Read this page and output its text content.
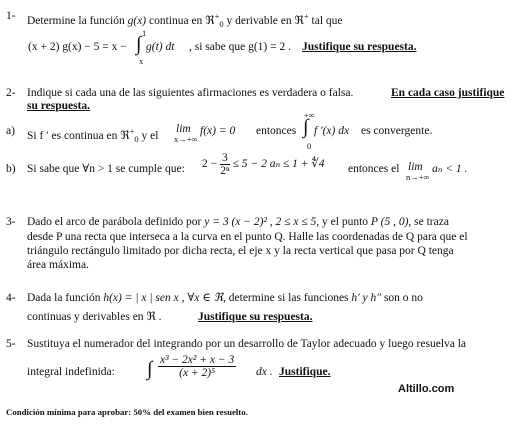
1- Determine la función g(x) continua en ℜ+$_0$ y derivable en ℜ+ tal que
(x + 2) g(x) − 5 = x −
1
∫
x
g(t) dt , si sabe que g(1) = 2 . Justifique su respuesta.
2- Indique si cada una de las siguientes afirmaciones es verdadera o falsa.	En cada caso justifique
su respuesta.
a) Si f ′ es continua en ℜ+$_0$ y el
lim
x→+∞
f(x) = 0 entonces
+∞
∫
0
f ′(x) dx es convergente.
b) Si sabe que ∀n > 1 se cumple que: $2 - \frac{3}{\text{2ⁿ}} \le 5 - 2$ aₙ ≤ 1 + ∜4 entonces el lim
n→+∞
aₙ < 1 .
3- Dado el arco de parábola definido por y = 3 (x − 2)² , 2 ≤ x ≤ 5, y el punto P (5 , 0), se traza
desde P una recta que interseca a la curva en el punto Q. Halle las coordenadas de Q para que el
triángulo rectángulo limitado por dicha recta, el eje x y la recta vertical que pasa por Q tenga
área máxima.
4- Dada la función h(x) = | x | sen x , ∀x ∈ ℜ, determine si las funciones h′ y h″ son o no
continuas y derivables en ℜ .	Justifique su respuesta.
5- Sustituya el numerador del integrando por un desarrollo de Taylor adecuado y luego resuelva la
integral indefinida: ∫ $\frac{\text{x³ − 2x² + x − 3}}{\text{(x + 2)⁵}}$ dx . Justifique.
Altillo.com
Condición mínima para aprobar: 50% del examen bien resuelto.
